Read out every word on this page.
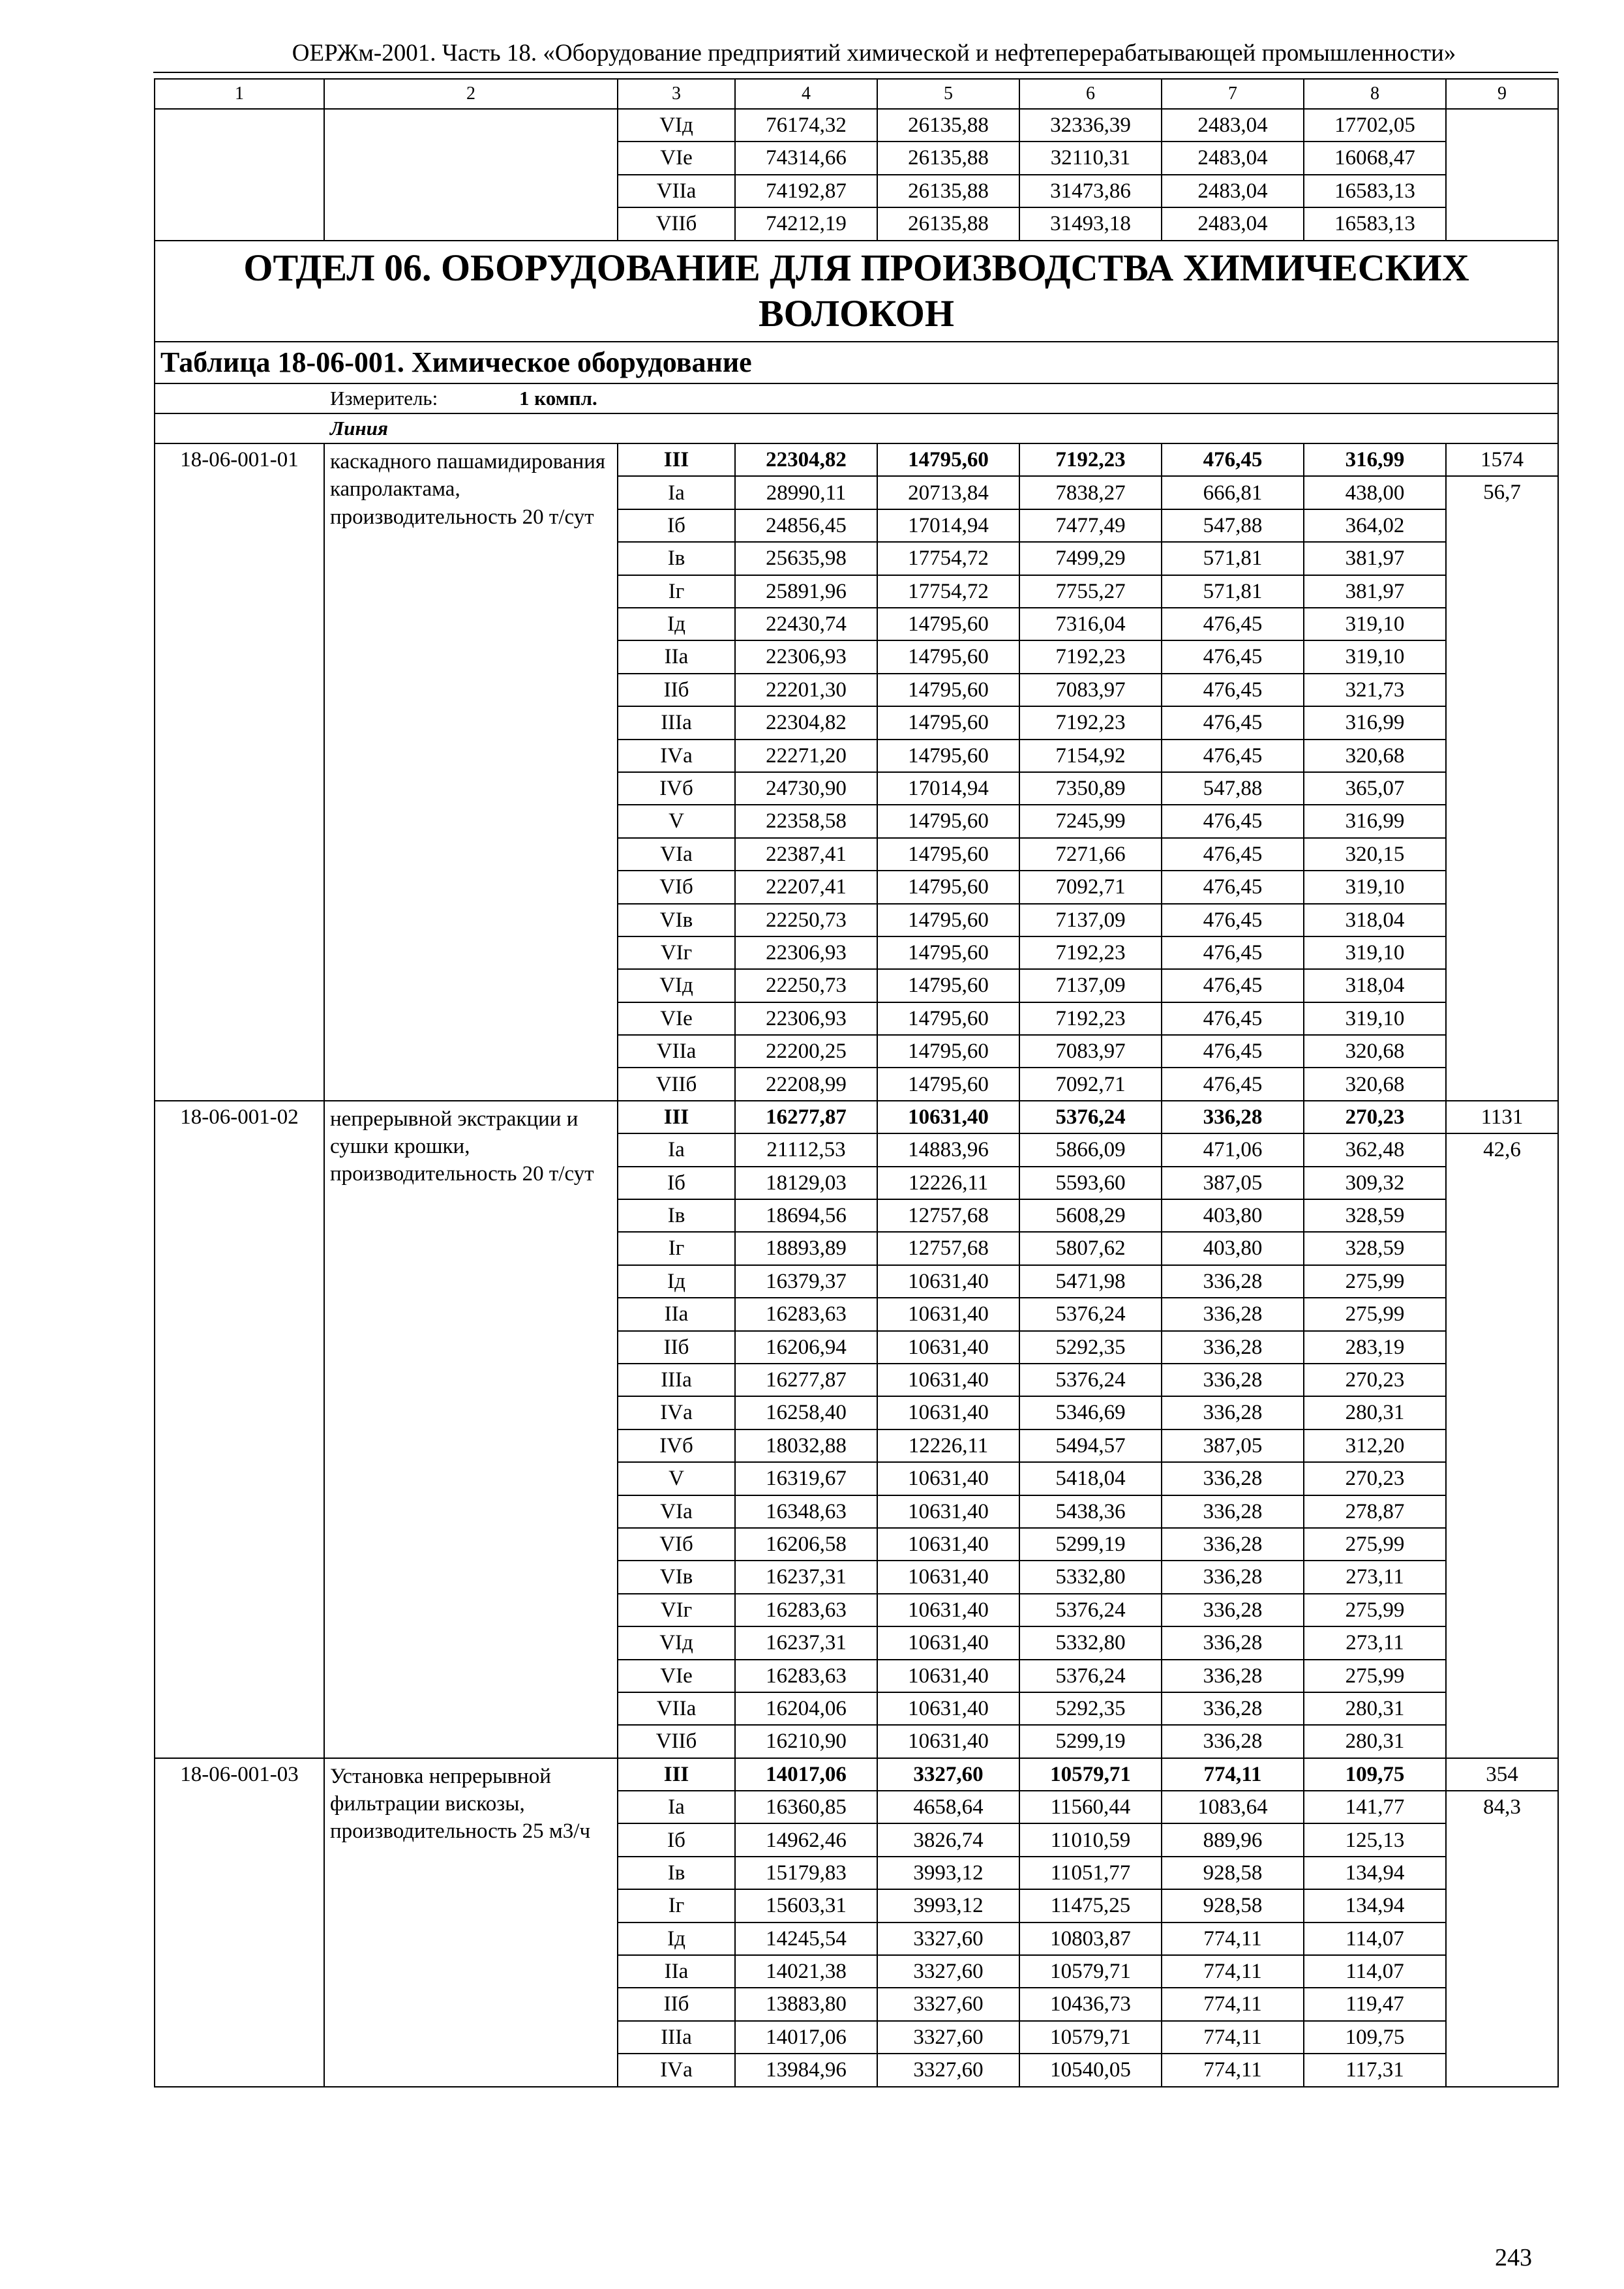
ОЕРЖм-2001. Часть 18. «Оборудование предприятий химической и нефтеперерабатывающей промышленности»
1	2	3	4	5	6	7	8	9
		VIд	76174,32	26135,88	32336,39	2483,04	17702,05	
		VIе	74314,66	26135,88	32110,31	2483,04	16068,47	
		VIIа	74192,87	26135,88	31473,86	2483,04	16583,13	
		VIIб	74212,19	26135,88	31493,18	2483,04	16583,13	
ОТДЕЛ 06. ОБОРУДОВАНИЕ ДЛЯ ПРОИЗВОДСТВА ХИМИЧЕСКИХ ВОЛОКОН								
Таблица 18-06-001. Химическое оборудование								
Измеритель: 1 компл.								
Линия								
18-06-001-01	каскадного пашамидирования капролактама, производительность 20 т/сут	III	22304,82	14795,60	7192,23	476,45	316,99	1574
		Iа	28990,11	20713,84	7838,27	666,81	438,00	56,7
		Iб	24856,45	17014,94	7477,49	547,88	364,02	
		Iв	25635,98	17754,72	7499,29	571,81	381,97	
		Iг	25891,96	17754,72	7755,27	571,81	381,97	
		Iд	22430,74	14795,60	7316,04	476,45	319,10	
		IIа	22306,93	14795,60	7192,23	476,45	319,10	
		IIб	22201,30	14795,60	7083,97	476,45	321,73	
		IIIа	22304,82	14795,60	7192,23	476,45	316,99	
		IVа	22271,20	14795,60	7154,92	476,45	320,68	
		IVб	24730,90	17014,94	7350,89	547,88	365,07	
		V	22358,58	14795,60	7245,99	476,45	316,99	
		VIа	22387,41	14795,60	7271,66	476,45	320,15	
		VIб	22207,41	14795,60	7092,71	476,45	319,10	
		VIв	22250,73	14795,60	7137,09	476,45	318,04	
		VIг	22306,93	14795,60	7192,23	476,45	319,10	
		VIд	22250,73	14795,60	7137,09	476,45	318,04	
		VIе	22306,93	14795,60	7192,23	476,45	319,10	
		VIIа	22200,25	14795,60	7083,97	476,45	320,68	
		VIIб	22208,99	14795,60	7092,71	476,45	320,68	
18-06-001-02	непрерывной экстракции и сушки крошки, производительность 20 т/сут	III	16277,87	10631,40	5376,24	336,28	270,23	1131
		Iа	21112,53	14883,96	5866,09	471,06	362,48	42,6
		Iб	18129,03	12226,11	5593,60	387,05	309,32	
		Iв	18694,56	12757,68	5608,29	403,80	328,59	
		Iг	18893,89	12757,68	5807,62	403,80	328,59	
		Iд	16379,37	10631,40	5471,98	336,28	275,99	
		IIа	16283,63	10631,40	5376,24	336,28	275,99	
		IIб	16206,94	10631,40	5292,35	336,28	283,19	
		IIIа	16277,87	10631,40	5376,24	336,28	270,23	
		IVа	16258,40	10631,40	5346,69	336,28	280,31	
		IVб	18032,88	12226,11	5494,57	387,05	312,20	
		V	16319,67	10631,40	5418,04	336,28	270,23	
		VIа	16348,63	10631,40	5438,36	336,28	278,87	
		VIб	16206,58	10631,40	5299,19	336,28	275,99	
		VIв	16237,31	10631,40	5332,80	336,28	273,11	
		VIг	16283,63	10631,40	5376,24	336,28	275,99	
		VIд	16237,31	10631,40	5332,80	336,28	273,11	
		VIе	16283,63	10631,40	5376,24	336,28	275,99	
		VIIа	16204,06	10631,40	5292,35	336,28	280,31	
		VIIб	16210,90	10631,40	5299,19	336,28	280,31	
18-06-001-03	Установка непрерывной фильтрации вискозы, производительность 25 м3/ч	III	14017,06	3327,60	10579,71	774,11	109,75	354
		Iа	16360,85	4658,64	11560,44	1083,64	141,77	84,3
		Iб	14962,46	3826,74	11010,59	889,96	125,13	
		Iв	15179,83	3993,12	11051,77	928,58	134,94	
		Iг	15603,31	3993,12	11475,25	928,58	134,94	
		Iд	14245,54	3327,60	10803,87	774,11	114,07	
		IIа	14021,38	3327,60	10579,71	774,11	114,07	
		IIб	13883,80	3327,60	10436,73	774,11	119,47	
		IIIа	14017,06	3327,60	10579,71	774,11	109,75	
		IVа	13984,96	3327,60	10540,05	774,11	117,31	
243
